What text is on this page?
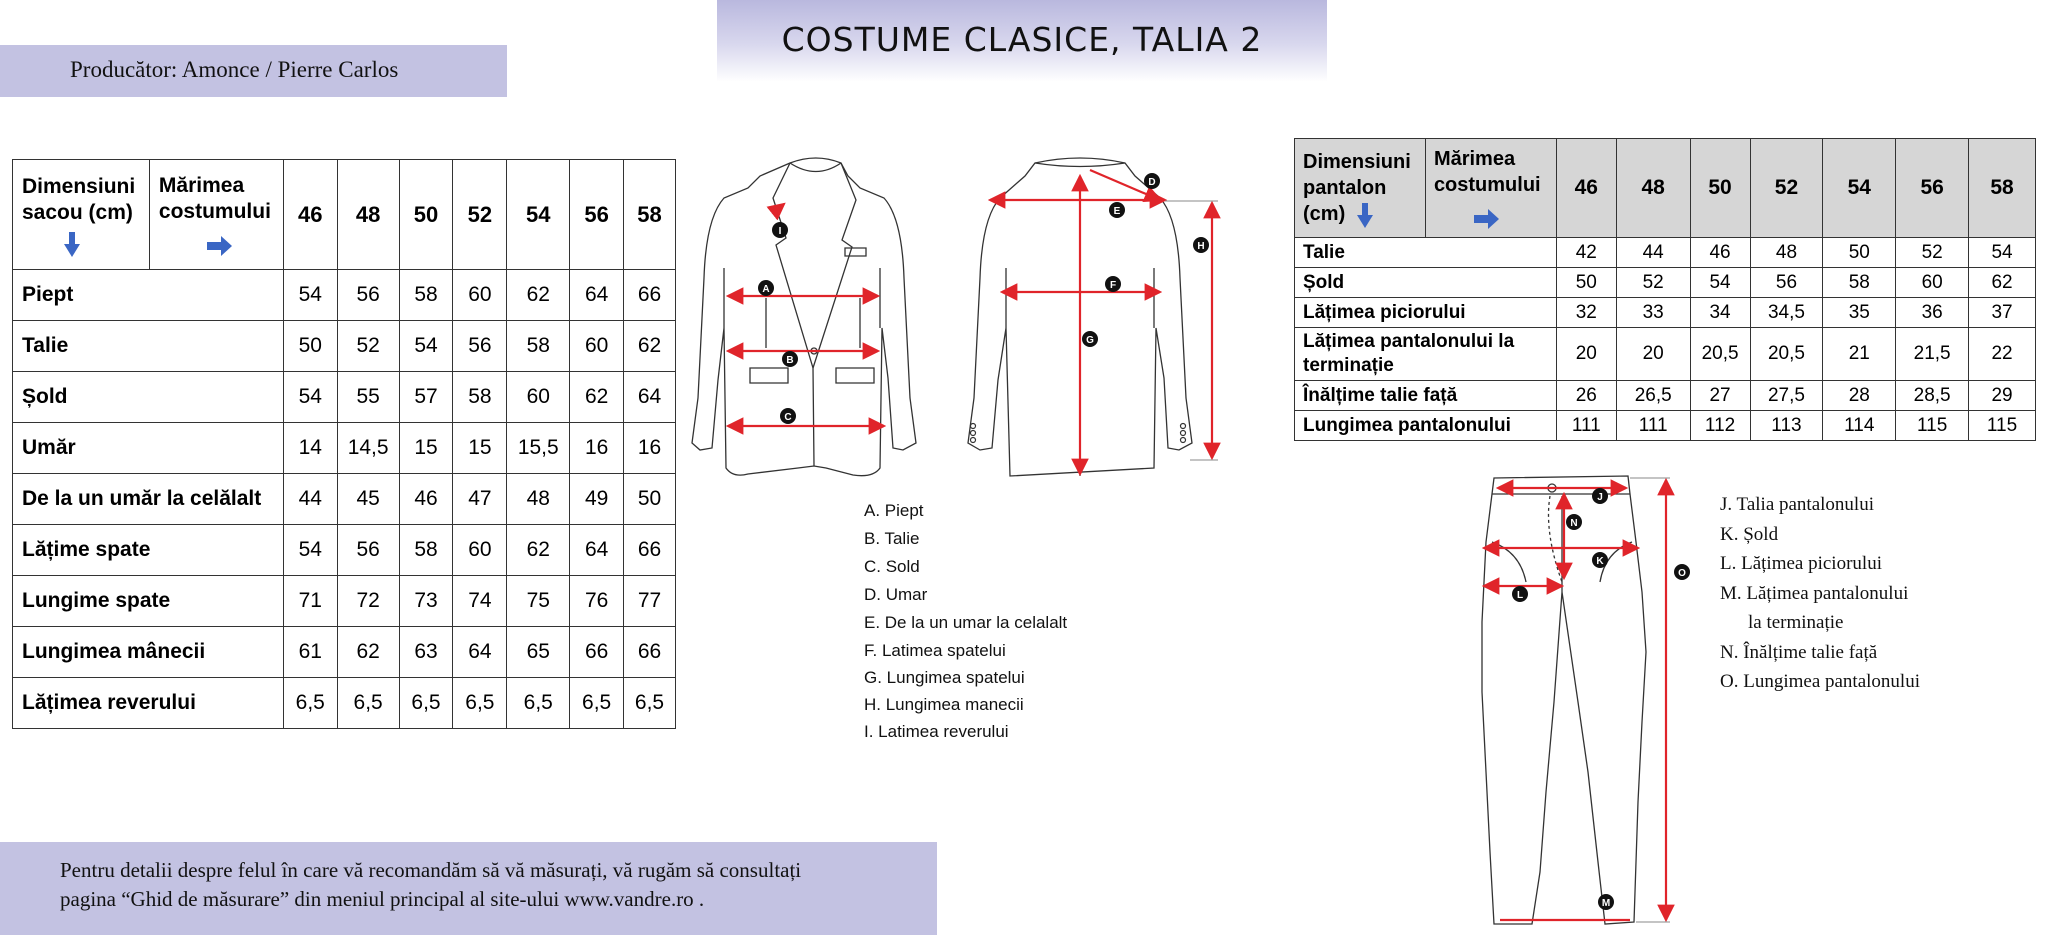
COSTUME CLASICE, TALIA 2
Producător: Amonce / Pierre Carlos
Dimensiuni sacou (cm)	Mărimea costumului	46	48	50	52	54	56	58
Piept		54	56	58	60	62	64	66
Talie		50	52	54	56	58	60	62
Șold		54	55	57	58	60	62	64
Umăr		14	14,5	15	15	15,5	16	16
De la un umăr la celălalt		44	45	46	47	48	49	50
Lățime spate		54	56	58	60	62	64	66
Lungime spate		71	72	73	74	75	76	77
Lungimea mânecii		61	62	63	64	65	66	66
Lățimea reverului		6,5	6,5	6,5	6,5	6,5	6,5	6,5
A
B
C
I
D
E
F
G
H
A. Piept
B. Talie
C. Sold
D. Umar
E. De la un umar la celalalt
F. Latimea spatelui
G. Lungimea spatelui
H. Lungimea manecii
I. Latimea reverului
Dimensiuni pantalon (cm)	Mărimea costumului	46	48	50	52	54	56	58
Talie		42	44	46	48	50	52	54
Șold		50	52	54	56	58	60	62
Lățimea piciorului		32	33	34	34,5	35	36	37
Lățimea pantalonului la terminație		20	20	20,5	20,5	21	21,5	22
Înălțime talie față		26	26,5	27	27,5	28	28,5	29
Lungimea pantalonului		111	111	112	113	114	115	115
J
K
L
M
N
O
J. Talia pantalonului
K. Șold
L. Lățimea piciorului
M. Lățimea pantalonului
la terminație
N. Înălțime talie față
O. Lungimea pantalonului

Pentru detalii despre felul în care vă recomandăm să vă măsurați, vă rugăm să consultați
pagina “Ghid de măsurare” din meniul principal al site-ului www.vandre.ro .
